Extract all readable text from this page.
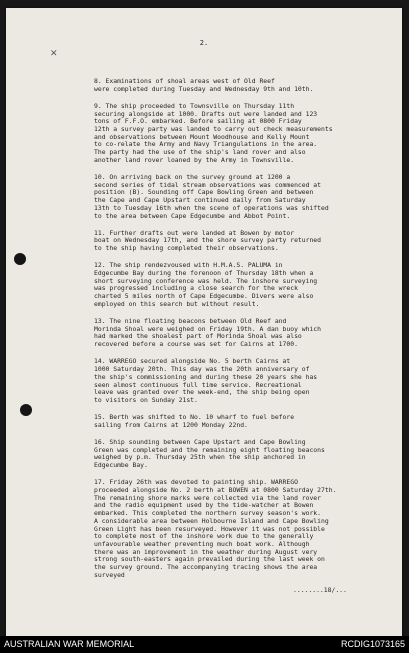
✕
2.

8. Examinations of shoal areas west of Old Reef
were completed during Tuesday and Wednesday 9th and 10th.

9. The ship proceeded to Townsville on Thursday 11th
securing alongside at 1000. Drafts out were landed and 123
tons of F.F.O. embarked. Before sailing at 0800 Friday
12th a survey party was landed to carry out check measurements
and observations between Mount Woodhouse and Kelly Mount
to co-relate the Army and Navy Triangulations in the area.
The party had the use of the ship's land rover and also
another land rover loaned by the Army in Townsville.

10. On arriving back on the survey ground at 1200 a
second series of tidal stream observations was commenced at
position (B). Sounding off Cape Bowling Green and between
the Cape and Cape Upstart continued daily from Saturday
13th to Tuesday 16th when the scene of operations was shifted
to the area between Cape Edgecumbe and Abbot Point.

11. Further drafts out were landed at Bowen by motor
boat on Wednesday 17th, and the shore survey party returned
to the ship having completed their observations.

12. The ship rendezvoused with H.M.A.S. PALUMA in
Edgecumbe Bay during the forenoon of Thursday 18th when a
short surveying conference was held. The inshore surveying
was progressed including a close search for the wreck
charted 5 miles north of Cape Edgecumbe. Divers were also
employed on this search but without result.

13. The nine floating beacons between Old Reef and
Morinda Shoal were weighed on Friday 19th. A dan buoy which
had marked the shoalest part of Morinda Shoal was also
recovered before a course was set for Cairns at 1700.

14. WARREGO secured alongside No. 5 berth Cairns at
1000 Saturday 20th. This day was the 20th anniversary of
the ship's commissioning and during these 20 years she has
seen almost continuous full time service. Recreational
leave was granted over the week-end, the ship being open
to visitors on Sunday 21st.

15. Berth was shifted to No. 10 wharf to fuel before
sailing from Cairns at 1200 Monday 22nd.

16. Ship sounding between Cape Upstart and Cape Bowling
Green was completed and the remaining eight floating beacons
weighed by p.m. Thursday 25th when the ship anchored in
Edgecumbe Bay.

17. Friday 26th was devoted to painting ship. WARREGO
proceeded alongside No. 2 berth at BOWEN at 0800 Saturday 27th.
The remaining shore marks were collected via the land rover
and the radio equipment used by the tide-watcher at Bowen
embarked. This completed the northern survey season's work.
A considerable area between Holbourne Island and Cape Bowling
Green Light has been resurveyed. However it was not possible
to complete most of the inshore work due to the generally
unfavourable weather preventing much boat work. Although
there was an improvement in the weather during August very
strong south-easters again prevailed during the last week on
the survey ground. The accompanying tracing shows the area
surveyed

........18/...
AUSTRALIAN WAR MEMORIAL	RCDIG1073165
